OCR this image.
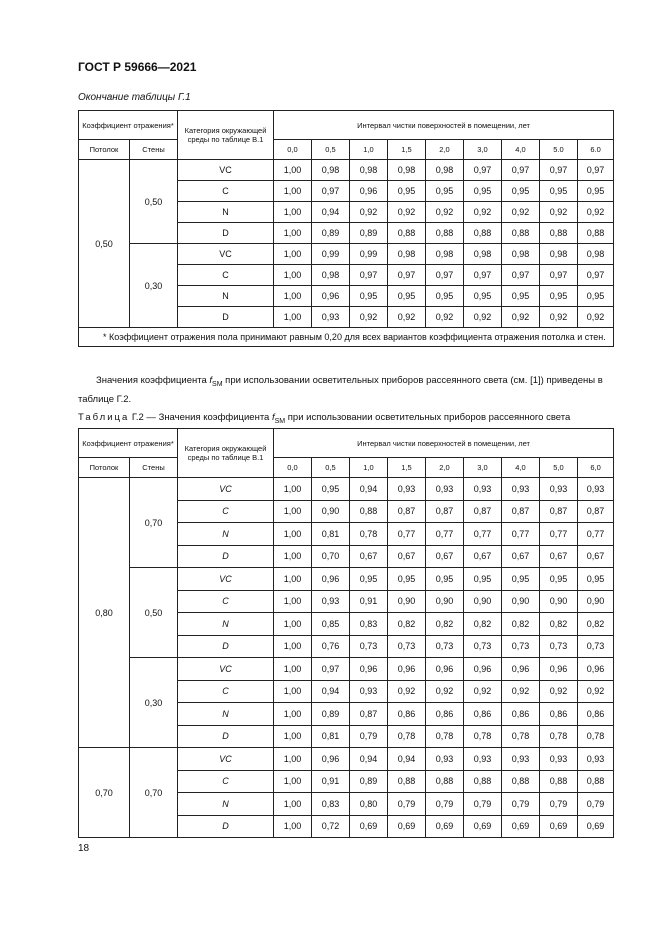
ГОСТ Р 59666—2021
Окончание таблицы Г.1
Коэффициент отражения*		Категория окружающей среды по таблице В.1	Интервал чистки поверхностей в помещении, лет								
Потолок	Стены		0,0	0,5	1,0	1,5	2,0	3,0	4,0	5.0	6.0
0,50	0,50	VC	1,00	0,98	0,98	0,98	0,98	0,97	0,97	0,97	0,97
		C	1,00	0,97	0,96	0,95	0,95	0,95	0,95	0,95	0,95
		N	1,00	0,94	0,92	0,92	0,92	0,92	0,92	0,92	0,92
		D	1,00	0,89	0,89	0,88	0,88	0,88	0,88	0,88	0,88
	0,30	VC	1,00	0,99	0,99	0,98	0,98	0,98	0,98	0,98	0,98
		C	1,00	0,98	0,97	0,97	0,97	0,97	0,97	0,97	0,97
		N	1,00	0,96	0,95	0,95	0,95	0,95	0,95	0,95	0,95
		D	1,00	0,93	0,92	0,92	0,92	0,92	0,92	0,92	0,92

* Коэффициент отражения пола принимают равным 0,20 для всех вариантов коэффициента отражения потолка и стен.											
Значения коэффициента $f_{SM}$ при использовании осветительных приборов рассеянного света (см. [1]) приведены в таблице Г.2.
Таблица Г.2 — Значения коэффициента $f_{SM}$ при использовании осветительных приборов рассеянного света
Коэффициент отражения*		Категория окружающей среды по таблице В.1	Интервал чистки поверхностей в помещении, лет								
Потолок	Стены		0,0	0,5	1,0	1,5	2,0	3,0	4,0	5,0	6,0
0,80	0,70	VC	1,00	0,95	0,94	0,93	0,93	0,93	0,93	0,93	0,93
		C	1,00	0,90	0,88	0,87	0,87	0,87	0,87	0,87	0,87
		N	1,00	0,81	0,78	0,77	0,77	0,77	0,77	0,77	0,77
		D	1,00	0,70	0,67	0,67	0,67	0,67	0,67	0,67	0,67
	0,50	VC	1,00	0,96	0,95	0,95	0,95	0,95	0,95	0,95	0,95
		C	1,00	0,93	0,91	0,90	0,90	0,90	0,90	0,90	0,90
		N	1,00	0,85	0,83	0,82	0,82	0,82	0,82	0,82	0,82
		D	1,00	0,76	0,73	0,73	0,73	0,73	0,73	0,73	0,73
	0,30	VC	1,00	0,97	0,96	0,96	0,96	0,96	0,96	0,96	0,96
		C	1,00	0,94	0,93	0,92	0,92	0,92	0,92	0,92	0,92
		N	1,00	0,89	0,87	0,86	0,86	0,86	0,86	0,86	0,86
		D	1,00	0,81	0,79	0,78	0,78	0,78	0,78	0,78	0,78
0,70	0,70	VC	1,00	0,96	0,94	0,94	0,93	0,93	0,93	0,93	0,93
		C	1,00	0,91	0,89	0,88	0,88	0,88	0,88	0,88	0,88
		N	1,00	0,83	0,80	0,79	0,79	0,79	0,79	0,79	0,79
		D	1,00	0,72	0,69	0,69	0,69	0,69	0,69	0,69	0,69
18
